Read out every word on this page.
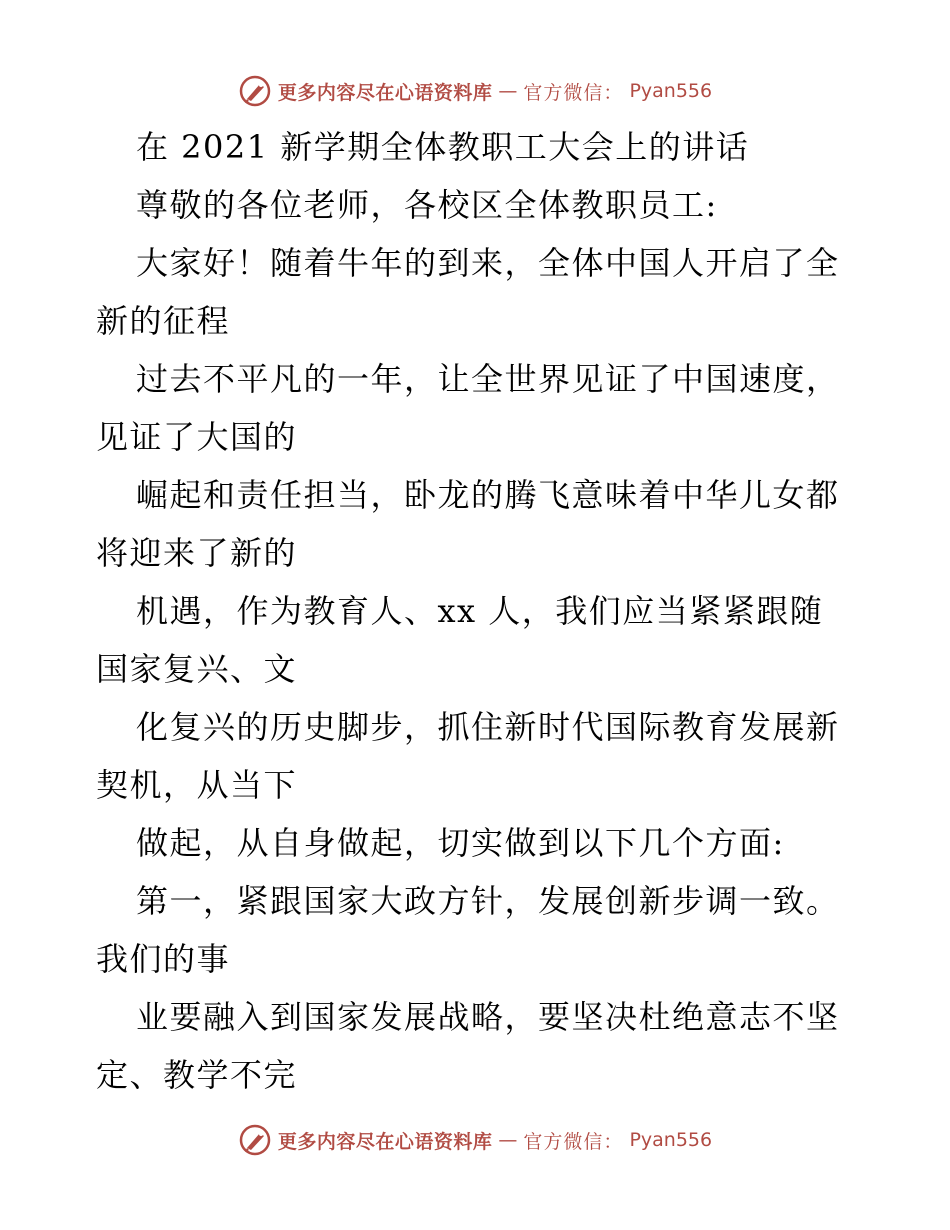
更多内容尽在心语资料库 — 官方微信： Pyan556
在 2021 新学期全体教职工大会上的讲话
尊敬的各位老师，各校区全体教职员工:
大家好！随着牛年的到来，全体中国人开启了全
新的征程
过去不平凡的一年，让全世界见证了中国速度，
见证了大国的
崛起和责任担当，卧龙的腾飞意味着中华儿女都
将迎来了新的
机遇，作为教育人、xx 人，我们应当紧紧跟随
国家复兴、文
化复兴的历史脚步，抓住新时代国际教育发展新
契机，从当下
做起，从自身做起，切实做到以下几个方面:
第一，紧跟国家大政方针，发展创新步调一致。
我们的事
业要融入到国家发展战略，要坚决杜绝意志不坚
定、教学不完
更多内容尽在心语资料库 — 官方微信： Pyan556
